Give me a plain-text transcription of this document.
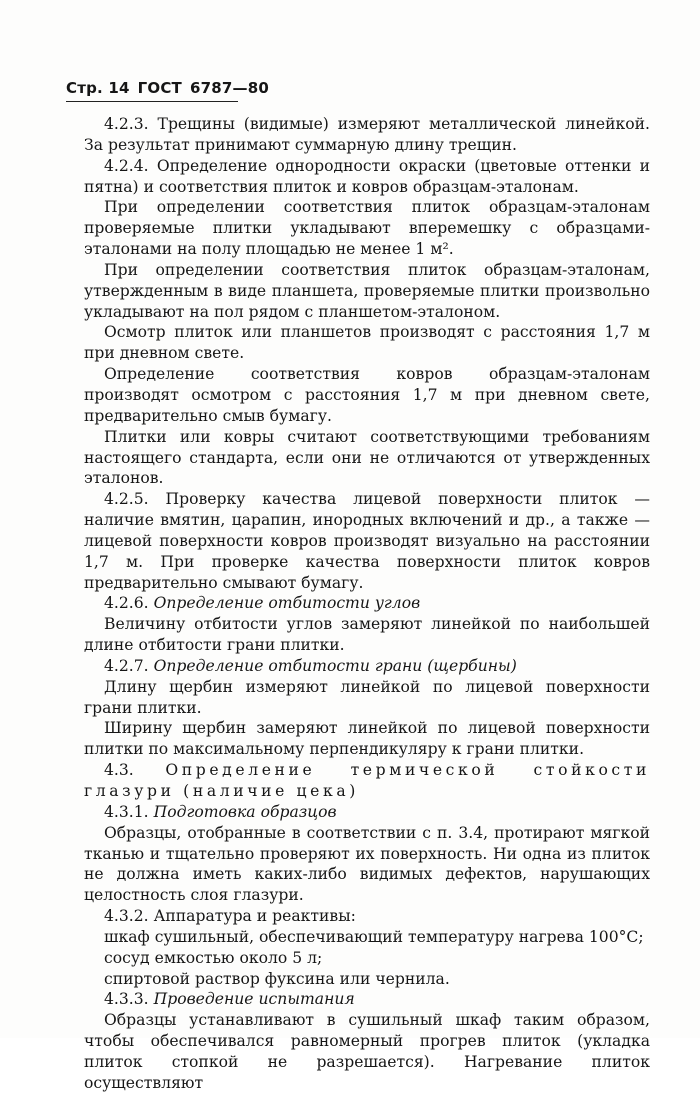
Стр. 14 ГОСТ 6787—80

4.2.3. Трещины (видимые) измеряют металлической линейкой. За результат принимают суммарную длину трещин.

4.2.4. Определение однородности окраски (цветовые оттенки и пятна) и соответствия плиток и ковров образцам-эталонам.

При определении соответствия плиток образцам-эталонам проверяемые плитки укладывают вперемешку с образцами-эталонами на полу площадью не менее 1 м².

При определении соответствия плиток образцам-эталонам, утвержденным в виде планшета, проверяемые плитки произвольно укладывают на пол рядом с планшетом-эталоном.

Осмотр плиток или планшетов производят с расстояния 1,7 м при дневном свете.

Определение соответствия ковров образцам-эталонам производят осмотром с расстояния 1,7 м при дневном свете, предварительно смыв бумагу.

Плитки или ковры считают соответствующими требованиям настоящего стандарта, если они не отличаются от утвержденных эталонов.

4.2.5. Проверку качества лицевой поверхности плиток — наличие вмятин, царапин, инородных включений и др., а также — лицевой поверхности ковров производят визуально на расстоянии 1,7 м. При проверке качества поверхности плиток ковров предварительно смывают бумагу.

4.2.6. Определение отбитости углов

Величину отбитости углов замеряют линейкой по наибольшей длине отбитости грани плитки.

4.2.7. Определение отбитости грани (щербины)

Длину щербин измеряют линейкой по лицевой поверхности грани плитки.

Ширину щербин замеряют линейкой по лицевой поверхности плитки по максимальному перпендикуляру к грани плитки.

4.3. Определение термической стойкости глазури (наличие цека)

4.3.1. Подготовка образцов

Образцы, отобранные в соответствии с п. 3.4, протирают мягкой тканью и тщательно проверяют их поверхность. Ни одна из плиток не должна иметь каких-либо видимых дефектов, нарушающих целостность слоя глазури.

4.3.2. Аппаратура и реактивы:

шкаф сушильный, обеспечивающий температуру нагрева 100°С;

сосуд емкостью около 5 л;

спиртовой раствор фуксина или чернила.

4.3.3. Проведение испытания

Образцы устанавливают в сушильный шкаф таким образом, чтобы обеспечивался равномерный прогрев плиток (укладка плиток стопкой не разрешается). Нагревание плиток осуществляют
